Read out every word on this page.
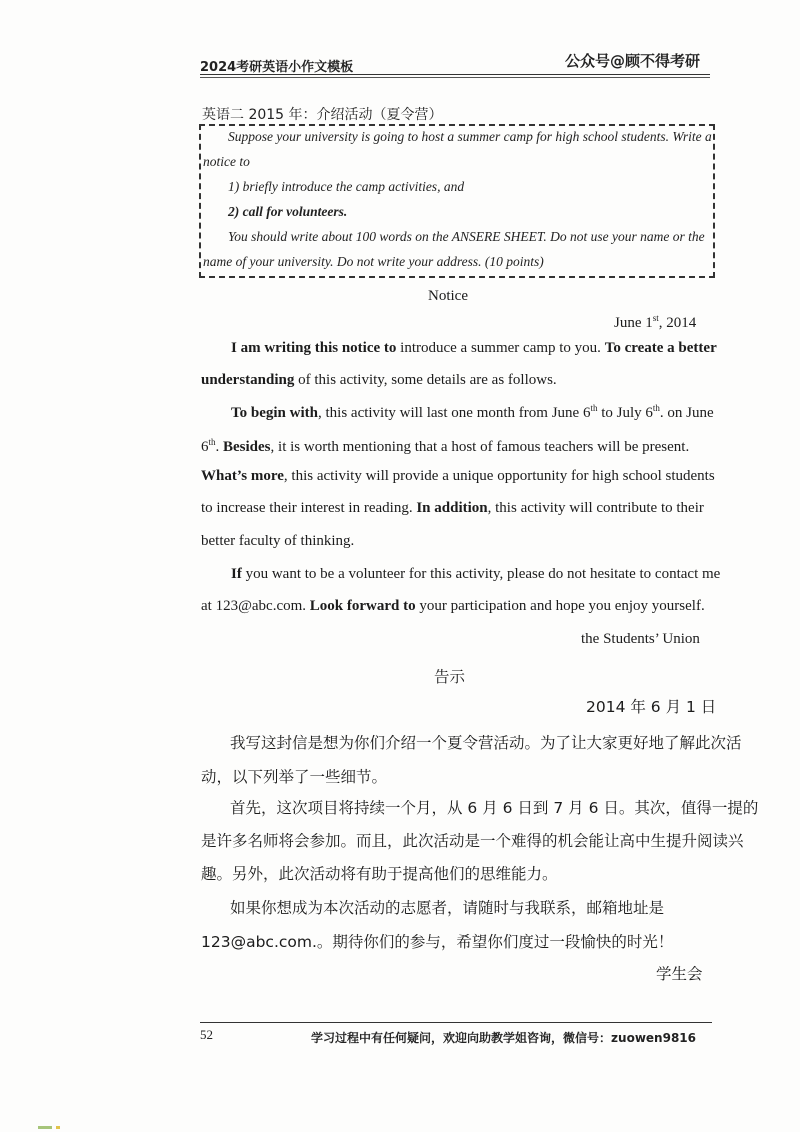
2024考研英语小作文模板	公众号@顾不得考研
英语二 2015 年：介绍活动（夏令营）
Suppose your university is going to host a summer camp for high school students. Write a
notice to
1) briefly introduce the camp activities, and
2) call for volunteers.
You should write about 100 words on the ANSERE SHEET. Do not use your name or the
name of your university. Do not write your address. (10 points)
Notice
June 1st, 2014
I am writing this notice to introduce a summer camp to you. To create a better
understanding of this activity, some details are as follows.
To begin with, this activity will last one month from June 6th to July 6th. on June
6th. Besides, it is worth mentioning that a host of famous teachers will be present.
What’s more, this activity will provide a unique opportunity for high school students
to increase their interest in reading. In addition, this activity will contribute to their
better faculty of thinking.
If you want to be a volunteer for this activity, please do not hesitate to contact me
at 123@abc.com. Look forward to your participation and hope you enjoy yourself.
the Students’ Union
告示
2014 年 6 月 1 日
我写这封信是想为你们介绍一个夏令营活动。为了让大家更好地了解此次活
动，以下列举了一些细节。
首先，这次项目将持续一个月，从 6 月 6 日到 7 月 6 日。其次，值得一提的
是许多名师将会参加。而且，此次活动是一个难得的机会能让高中生提升阅读兴
趣。另外，此次活动将有助于提高他们的思维能力。
如果你想成为本次活动的志愿者，请随时与我联系，邮箱地址是
123@abc.com.。期待你们的参与，希望你们度过一段愉快的时光！
学生会
52	学习过程中有任何疑问，欢迎向助教学姐咨询，微信号：zuowen9816
